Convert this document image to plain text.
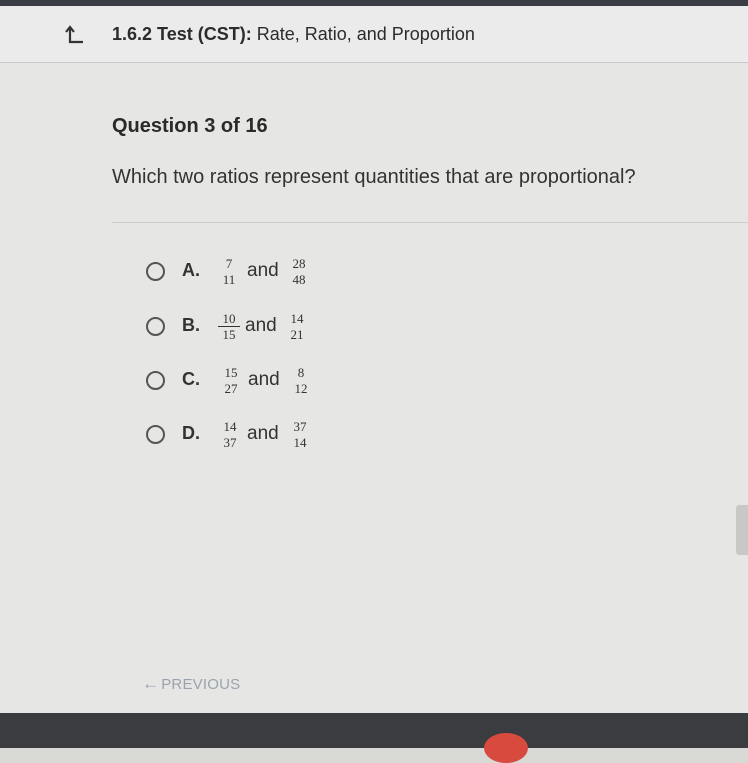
1.6.2 Test (CST): Rate, Ratio, and Proportion
Question 3 of 16
Which two ratios represent quantities that are proportional?
A.	7
11 and	28
48
B. $\frac{10}{15}$ and	14
21
C.	15
27 and	8
12
D.	14
37 and	37
14
← PREVIOUS
